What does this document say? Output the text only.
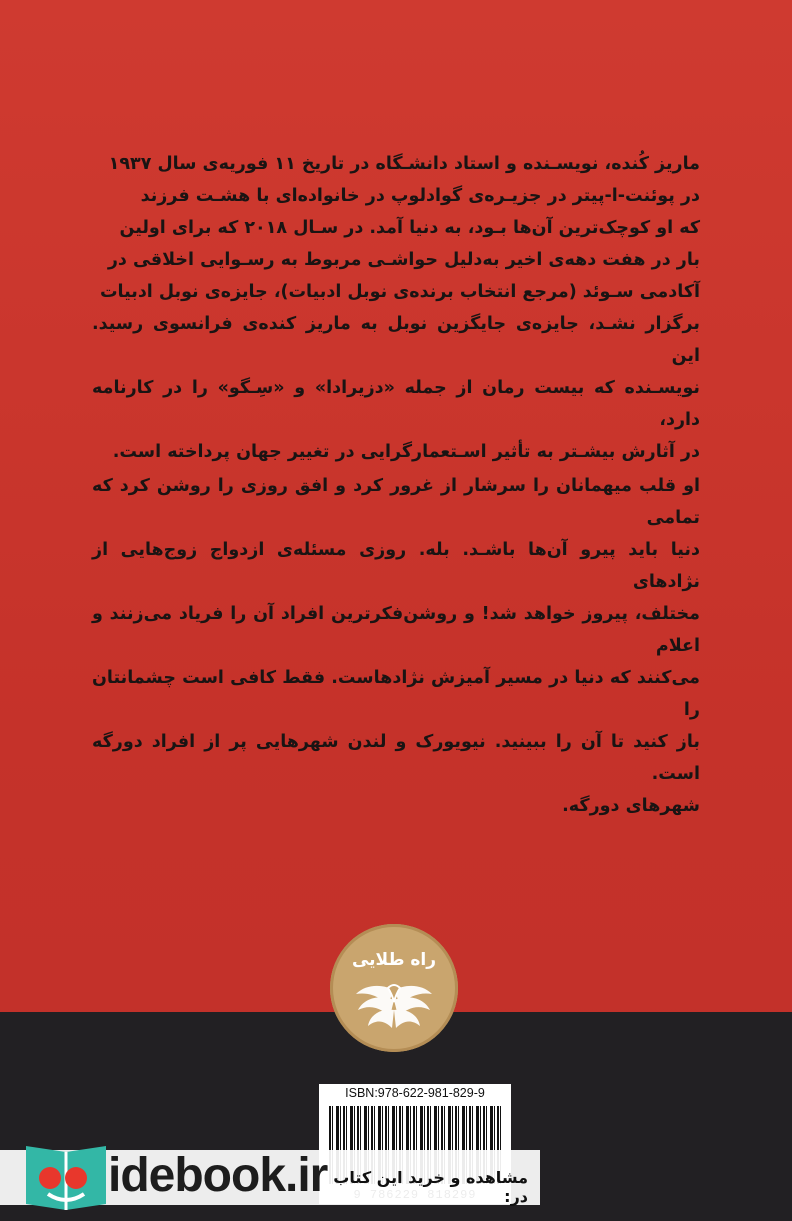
ماریز کُنده، نویسـنده و استاد دانشـگاه در تاریخ ۱۱ فوریه‌ی سال ۱۹۳۷
در پوئنت-ا-پیتر در جزیـره‌ی گوادلوپ در خانواده‌ای با هشـت فرزند
که او کوچک‌ترین آن‌ها بـود، به دنیا آمد. در سـال ۲۰۱۸ که برای اولین
بار در هفت دهه‌ی اخیر به‌دلیل حواشـی مربوط به رسـوایی اخلاقی در
آکادمی سـوئد (مرجع انتخاب برنده‌ی نوبل ادبیات)، جایزه‌ی نوبل ادبیات
برگزار نشـد، جایزه‌ی جایگزین نوبل به ماریز کنده‌ی فرانسوی رسید. این
نویسـنده که بیست رمان از جمله «دزیرادا» و «سِـگو» را در کارنامه دارد،
در آثارش بیشـتر به تأثیر اسـتعمارگرایی در تغییر جهان پرداخته است.
او قلب میهمانان را سرشار از غرور کرد و افق روزی را روشن کرد که تمامی
دنیا باید پیرو آن‌ها باشـد. بله. روزی مسئله‌ی ازدواج زوج‌هایی از نژادهای
مختلف، پیروز خواهد شد! و روشن‌فکرترین افراد آن را فریاد می‌زنند و اعلام
می‌کنند که دنیا در مسیر آمیزش نژادهاست. فقط کافی است چشمانتان را
باز کنید تا آن را ببینید. نیویورک و لندن شهرهایی پر از افراد دورگه است.
شهرهای دورگه.
راه طلایی
ISBN:978-622-981-829-9
idebook.ir مشاهده و خرید این کتاب در:
